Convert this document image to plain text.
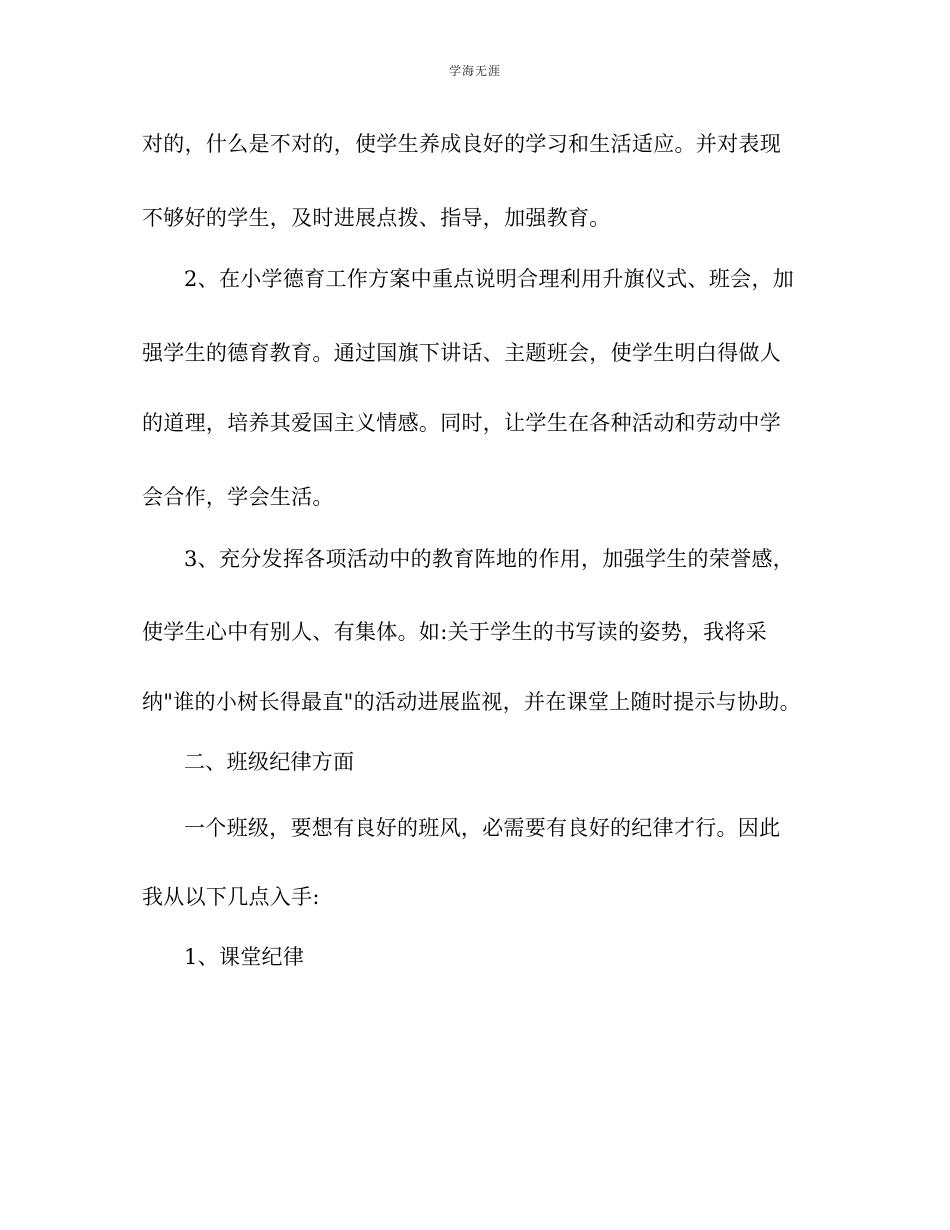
学海无涯
对的，什么是不对的，使学生养成良好的学习和生活适应。并对表现
不够好的学生，及时进展点拨、指导，加强教育。
2、在小学德育工作方案中重点说明合理利用升旗仪式、班会，加
强学生的德育教育。通过国旗下讲话、主题班会，使学生明白得做人
的道理，培养其爱国主义情感。同时，让学生在各种活动和劳动中学
会合作，学会生活。
3、充分发挥各项活动中的教育阵地的作用，加强学生的荣誉感，
使学生心中有别人、有集体。如:关于学生的书写读的姿势，我将采
纳"谁的小树长得最直"的活动进展监视，并在课堂上随时提示与协助。
二、班级纪律方面
一个班级，要想有良好的班风，必需要有良好的纪律才行。因此
我从以下几点入手:
1、课堂纪律
